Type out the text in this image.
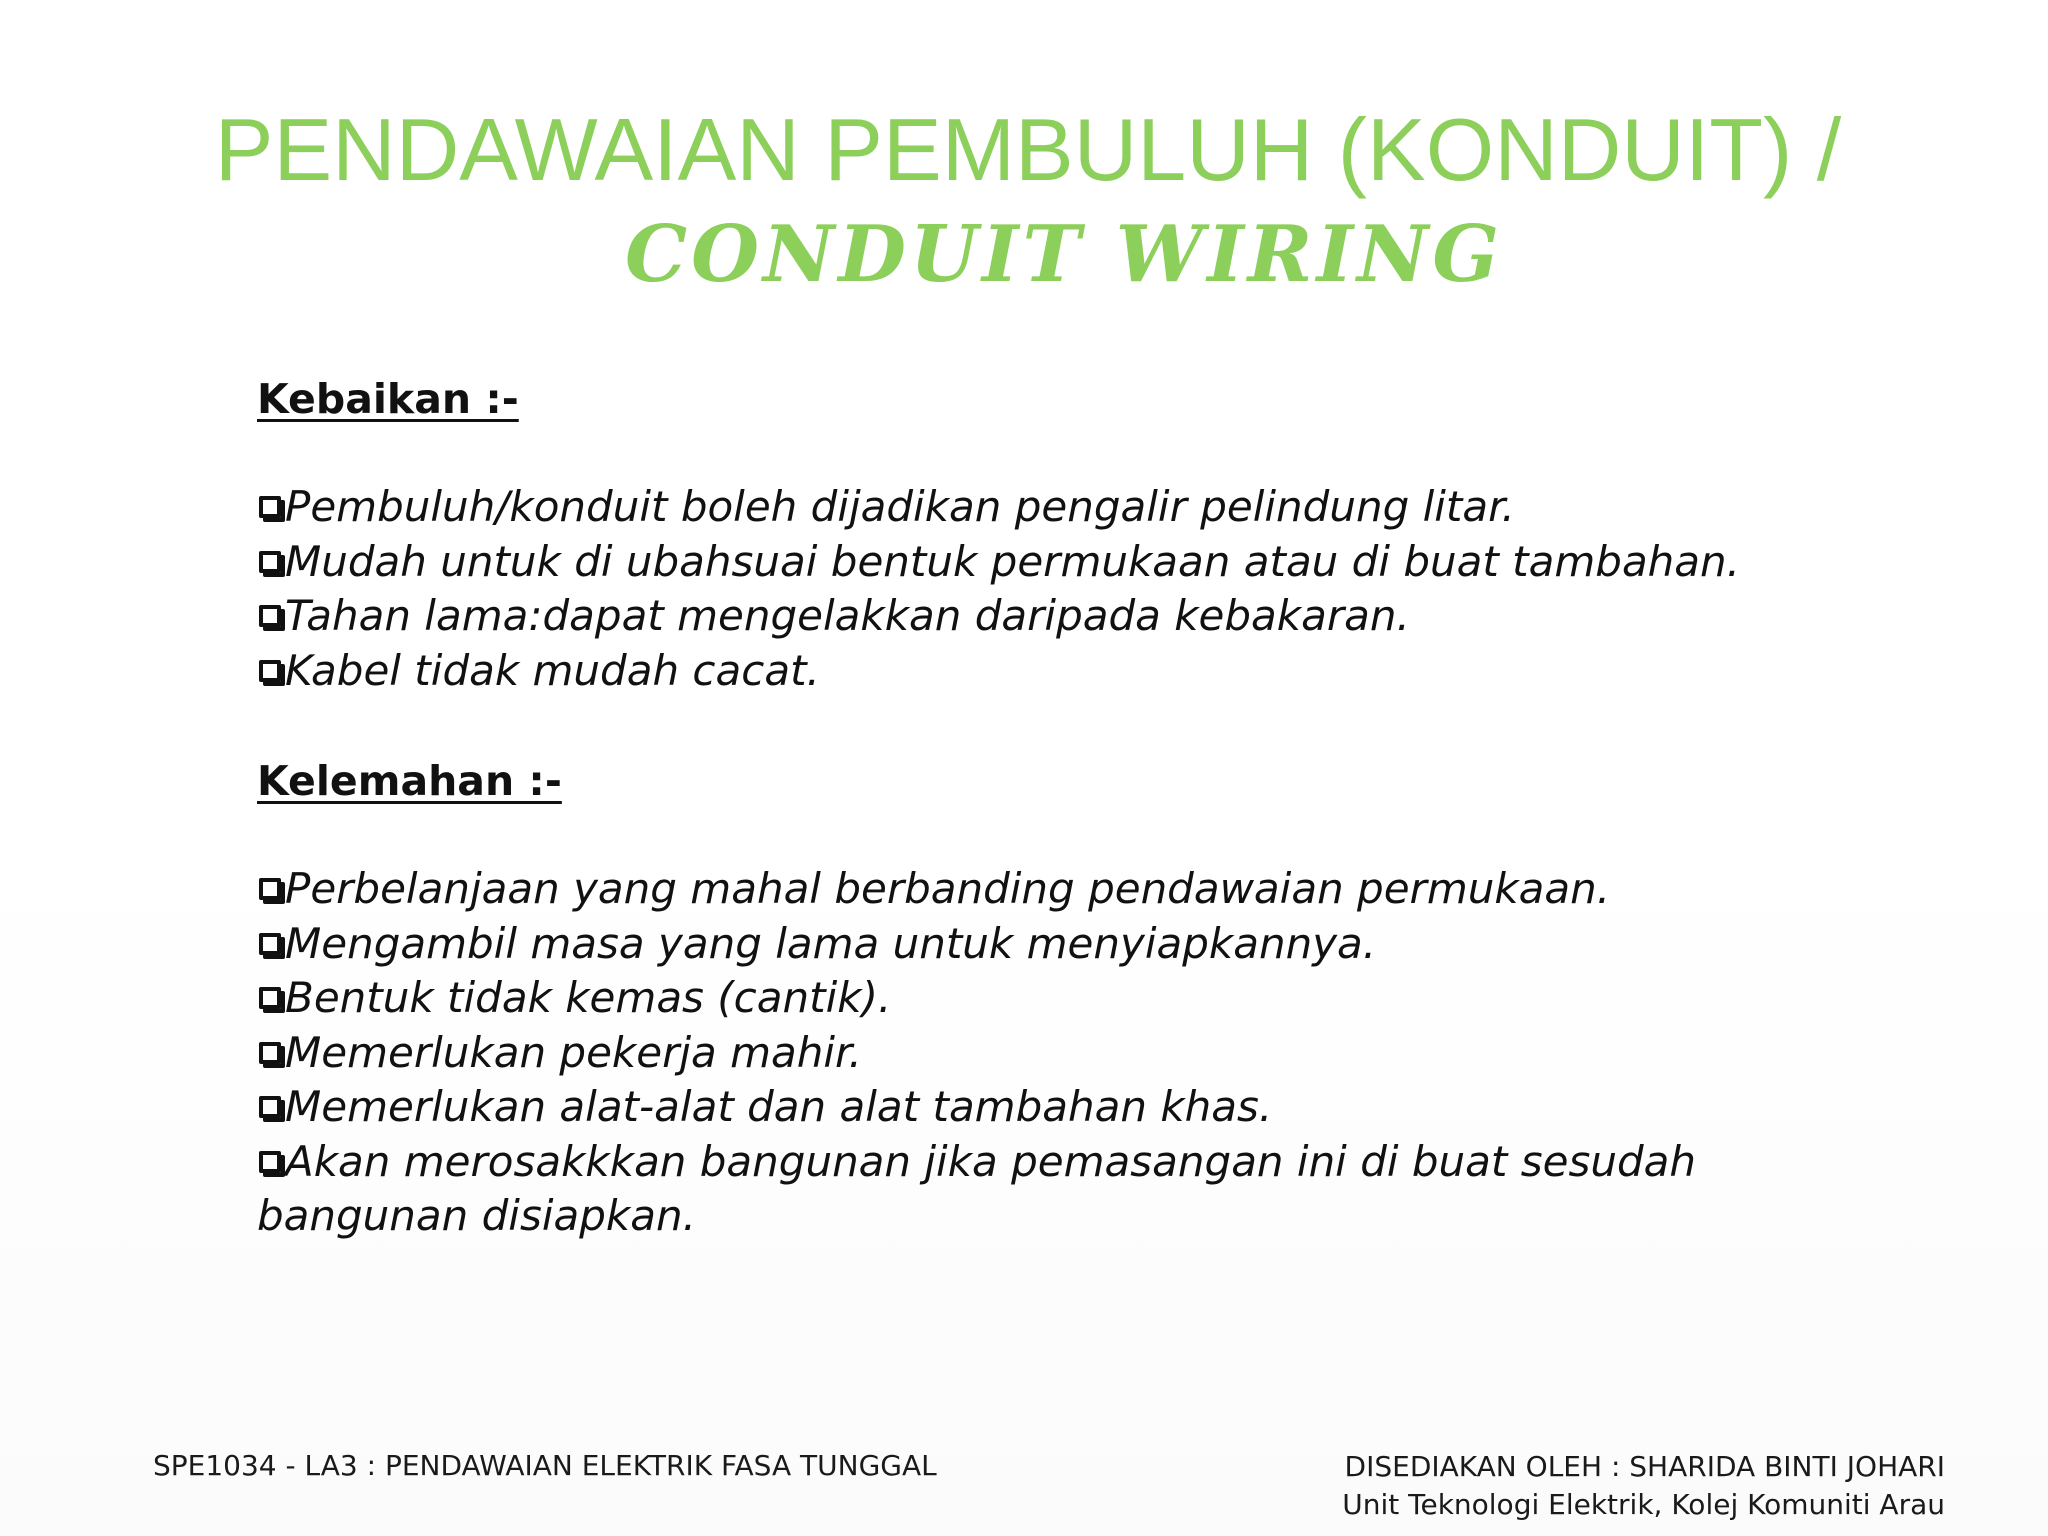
PENDAWAIAN PEMBULUH (KONDUIT) /
CONDUIT WIRING
Kebaikan :-
Pembuluh/konduit boleh dijadikan pengalir pelindung litar.
Mudah untuk di ubahsuai bentuk permukaan atau di buat tambahan.
Tahan lama:dapat mengelakkan daripada kebakaran.
Kabel tidak mudah cacat.
Kelemahan :-
Perbelanjaan yang mahal berbanding pendawaian permukaan.
Mengambil masa yang lama untuk menyiapkannya.
Bentuk tidak kemas (cantik).
Memerlukan pekerja mahir.
Memerlukan alat-alat dan alat tambahan khas.
Akan merosakkkan bangunan jika pemasangan ini di buat sesudah bangunan disiapkan.
SPE1034 - LA3 : PENDAWAIAN ELEKTRIK FASA TUNGGAL	DISEDIAKAN OLEH : SHARIDA BINTI JOHARI
Unit Teknologi Elektrik, Kolej Komuniti Arau
